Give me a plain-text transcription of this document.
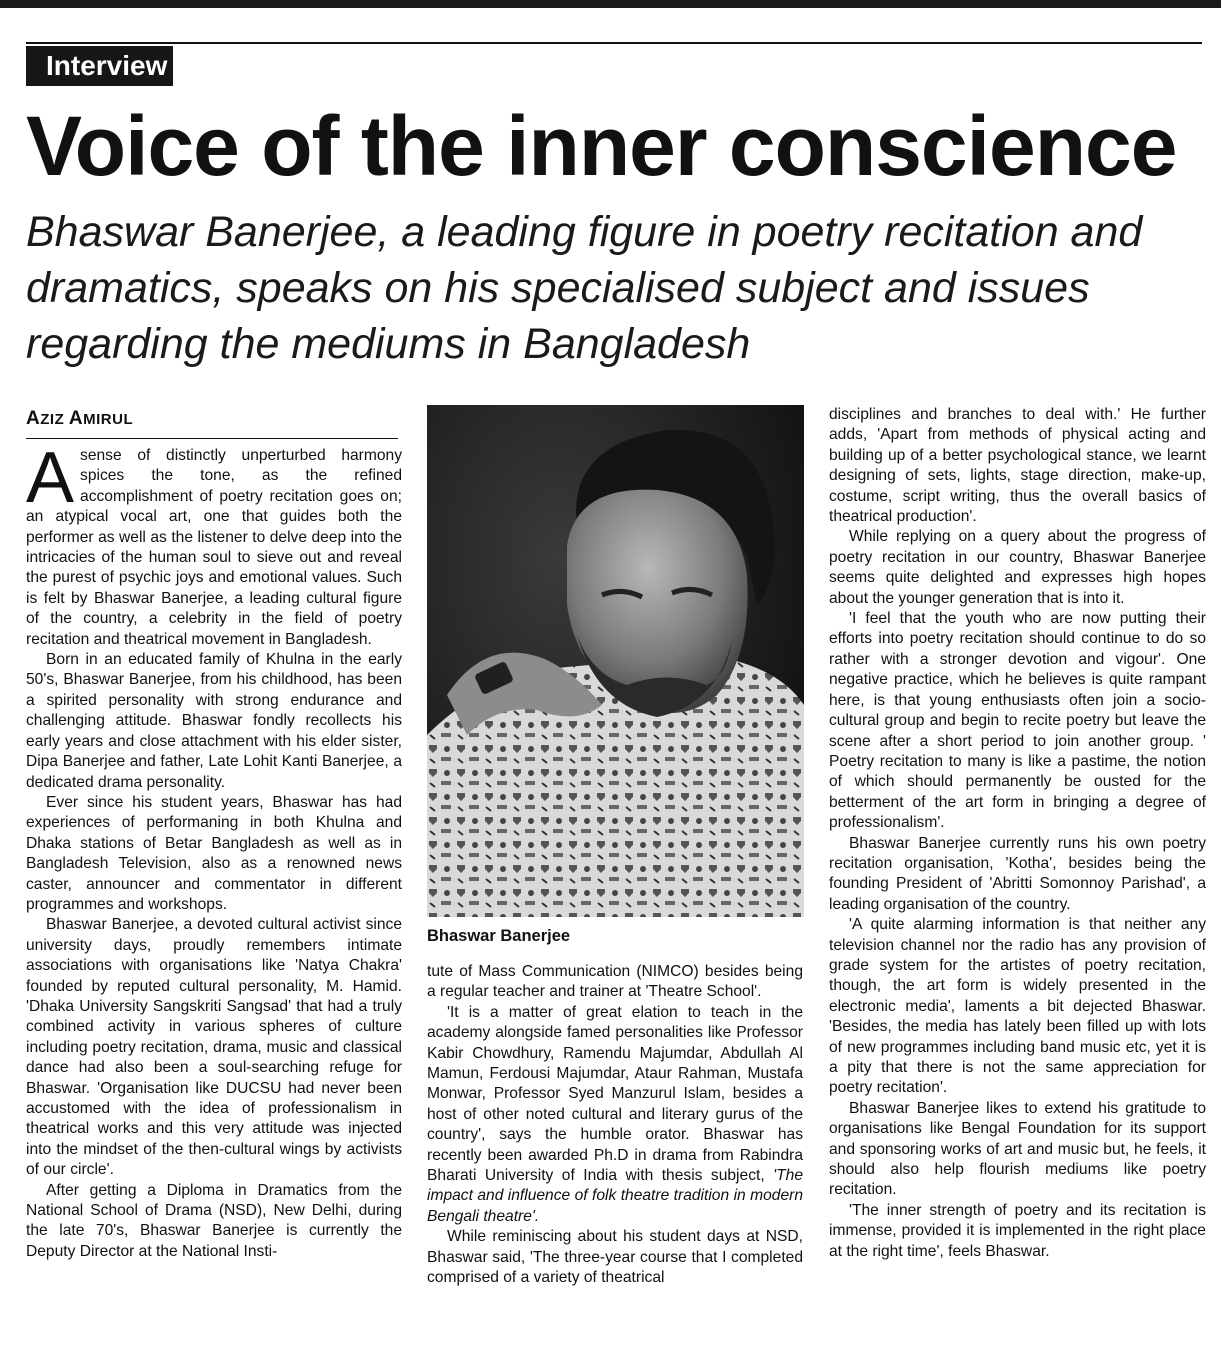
Interview
Voice of the inner conscience

Bhaswar Banerjee, a leading figure in poetry recitation and dramatics, speaks on his specialised subject and issues regarding the mediums in Bangladesh

AZIZ AMIRUL

Asense of distinctly unperturbed harmony spices the tone, as the refined accomplishment of poetry recitation goes on; an atypical vocal art, one that guides both the performer as well as the listener to delve deep into the intricacies of the human soul to sieve out and reveal the purest of psychic joys and emotional values. Such is felt by Bhaswar Banerjee, a leading cultural figure of the country, a celebrity in the field of poetry recitation and theatrical movement in Bangladesh.

Born in an educated family of Khulna in the early 50's, Bhaswar Banerjee, from his childhood, has been a spirited personality with strong endurance and challenging attitude. Bhaswar fondly recollects his early years and close attachment with his elder sister, Dipa Banerjee and father, Late Lohit Kanti Banerjee, a dedicated drama personality.

Ever since his student years, Bhaswar has had experiences of performaning in both Khulna and Dhaka stations of Betar Bangladesh as well as in Bangladesh Television, also as a renowned news caster, announcer and commentator in different programmes and workshops.

Bhaswar Banerjee, a devoted cultural activist since university days, proudly remembers intimate associations with organisations like 'Natya Chakra' founded by reputed cultural personality, M. Hamid. 'Dhaka University Sangskriti Sangsad' that had a truly combined activity in various spheres of culture including poetry recitation, drama, music and classical dance had also been a soul-searching refuge for Bhaswar. 'Organisation like DUCSU had never been accustomed with the idea of professionalism in theatrical works and this very attitude was injected into the mindset of the then-cultural wings by activists of our circle'.

After getting a Diploma in Dramatics from the National School of Drama (NSD), New Delhi, during the late 70's, Bhaswar Banerjee is currently the Deputy Director at the National Insti-

Bhaswar Banerjee

tute of Mass Communication (NIMCO) besides being a regular teacher and trainer at 'Theatre School'.

'It is a matter of great elation to teach in the academy alongside famed personalities like Professor Kabir Chowdhury, Ramendu Majumdar, Abdullah Al Mamun, Ferdousi Majumdar, Ataur Rahman, Mustafa Monwar, Professor Syed Manzurul Islam, besides a host of other noted cultural and literary gurus of the country', says the humble orator. Bhaswar has recently been awarded Ph.D in drama from Rabindra Bharati University of India with thesis subject, 'The impact and influence of folk theatre tradition in modern Bengali theatre'.

While reminiscing about his student days at NSD, Bhaswar said, 'The three-year course that I completed comprised of a variety of theatrical

disciplines and branches to deal with.' He further adds, 'Apart from methods of physical acting and building up of a better psychological stance, we learnt designing of sets, lights, stage direction, make-up, costume, script writing, thus the overall basics of theatrical production'.

While replying on a query about the progress of poetry recitation in our country, Bhaswar Banerjee seems quite delighted and expresses high hopes about the younger generation that is into it.

'I feel that the youth who are now putting their efforts into poetry recitation should continue to do so rather with a stronger devotion and vigour'. One negative practice, which he believes is quite rampant here, is that young enthusiasts often join a socio-cultural group and begin to recite poetry but leave the scene after a short period to join another group. ' Poetry recitation to many is like a pastime, the notion of which should permanently be ousted for the betterment of the art form in bringing a degree of professionalism'.

Bhaswar Banerjee currently runs his own poetry recitation organisation, 'Kotha', besides being the founding President of 'Abritti Somonnoy Parishad', a leading organisation of the country.

'A quite alarming information is that neither any television channel nor the radio has any provision of grade system for the artistes of poetry recitation, though, the art form is widely presented in the electronic media', laments a bit dejected Bhaswar. 'Besides, the media has lately been filled up with lots of new programmes including band music etc, yet it is a pity that there is not the same appreciation for poetry recitation'.

Bhaswar Banerjee likes to extend his gratitude to organisations like Bengal Foundation for its support and sponsoring works of art and music but, he feels, it should also help flourish mediums like poetry recitation.

'The inner strength of poetry and its recitation is immense, provided it is implemented in the right place at the right time', feels Bhaswar.
